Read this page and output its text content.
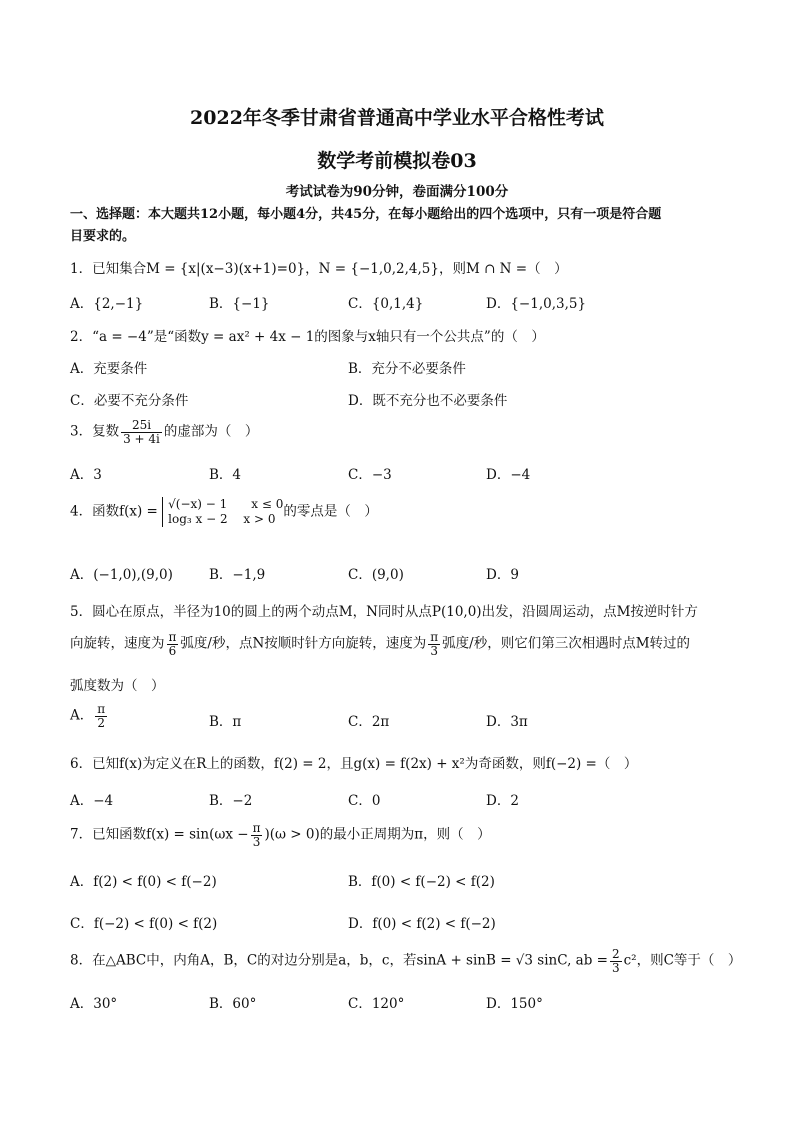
2022年冬季甘肃省普通高中学业水平合格性考试
数学考前模拟卷03
考试试卷为90分钟，卷面满分100分
一、选择题：本大题共12小题，每小题4分，共45分，在每小题给出的四个选项中，只有一项是符合题
目要求的。
1．已知集合M = {x|(x−3)(x+1)=0}，N = {−1,0,2,4,5}，则M ∩ N =（　）
A．{2,−1}	B．{−1}	C．{0,1,4}	D．{−1,0,3,5}
2．“a = −4”是“函数y = ax² + 4x − 1的图象与x轴只有一个公共点”的（　）
A．充要条件	B．充分不必要条件
C．必要不充分条件	D．既不充分也不必要条件
3．复数 $\frac{25i}{3 + 4i}$ 的虚部为（　）
A．3	B．4	C．−3	D．−4
4．函数f(x) = √(−x) − 1　　x ≤ 0
log₃ x − 2　 x > 0 的零点是（　）
A．(−1,0),(9,0)	B．−1,9	C．(9,0)	D．9
5．圆心在原点，半径为10的圆上的两个动点M，N同时从点P(10,0)出发，沿圆周运动，点M按逆时针方
向旋转，速度为 $\frac{\pi}{6}$ 弧度/秒，点N按顺时针方向旋转，速度为 $\frac{\pi}{3}$ 弧度/秒，则它们第三次相遇时点M转过的
弧度数为（　）
A． $\frac{\pi}{2}$	B．π	C．2π	D．3π
6．已知f(x)为定义在R上的函数，f(2) = 2，且g(x) = f(2x) + x²为奇函数，则f(−2) =（　）
A．−4	B．−2	C．0	D．2
7．已知函数$f(x) = \sin(\omega x - \frac{\pi}{3} )(\omega > 0)$的最小正周期为π，则（　）
A．f(2) < f(0) < f(−2)	B．f(0) < f(−2) < f(2)
C．f(−2) < f(0) < f(2)	D．f(0) < f(2) < f(−2)
8．在△ABC中，内角A，B，C的对边分别是a，b，c，若sinA + sinB = √3 sinC, ab = $\frac{2}{3} c^2$，则C等于（　）
A．30°	B．60°	C．120°	D．150°
